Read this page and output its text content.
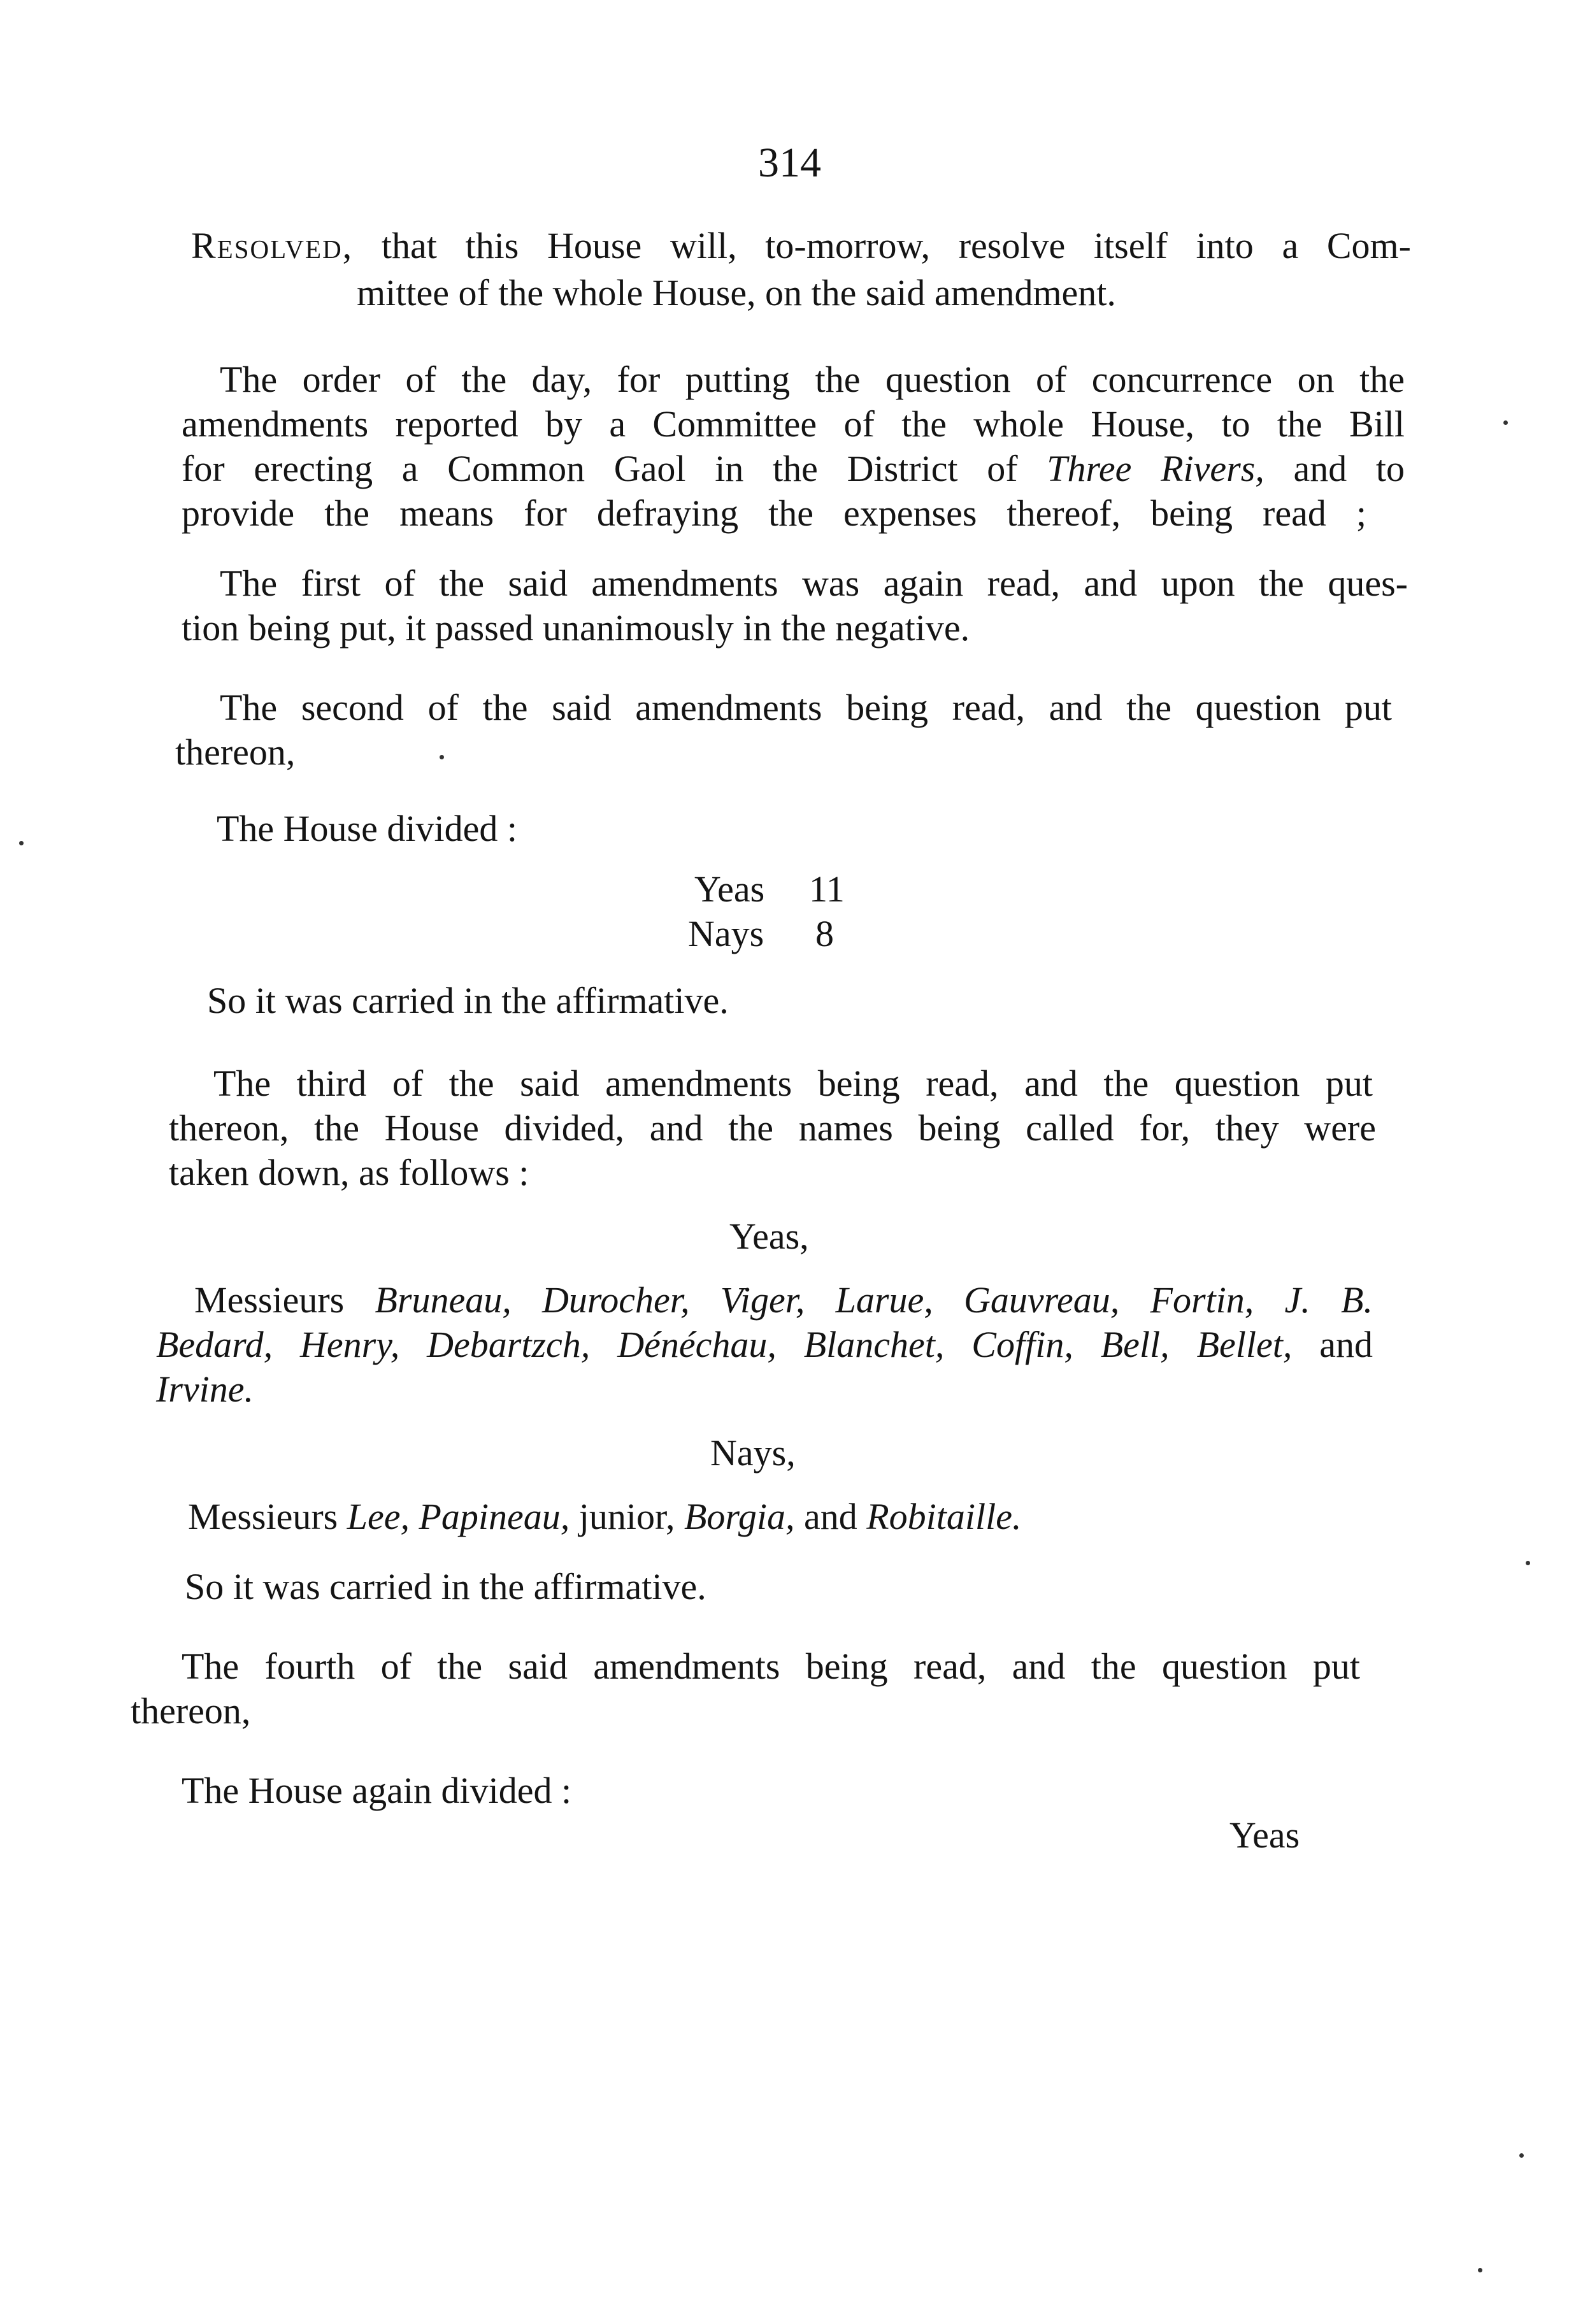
314
Resolved, that this House will, to-morrow, resolve itself into a Com-
mittee of the whole House, on the said amendment.
The order of the day, for putting the question of concurrence on the
amendments reported by a Committee of the whole House, to the Bill
for erecting a Common Gaol in the District of Three Rivers, and to
provide the means for defraying the expenses thereof, being read ;
The first of the said amendments was again read, and upon the ques-
tion being put, it passed unanimously in the negative.
The second of the said amendments being read, and the question put
thereon,
The House divided :
Yeas 11
Nays 8
So it was carried in the affirmative.
The third of the said amendments being read, and the question put
thereon, the House divided, and the names being called for, they were
taken down, as follows :
Yeas,
Messieurs Bruneau, Durocher, Viger, Larue, Gauvreau, Fortin, J. B.
Bedard, Henry, Debartzch, Dénéchau, Blanchet, Coffin, Bell, Bellet, and
Irvine.
Nays,
Messieurs Lee, Papineau, junior, Borgia, and Robitaille.
So it was carried in the affirmative.
The fourth of the said amendments being read, and the question put
thereon,
The House again divided :
Yeas
